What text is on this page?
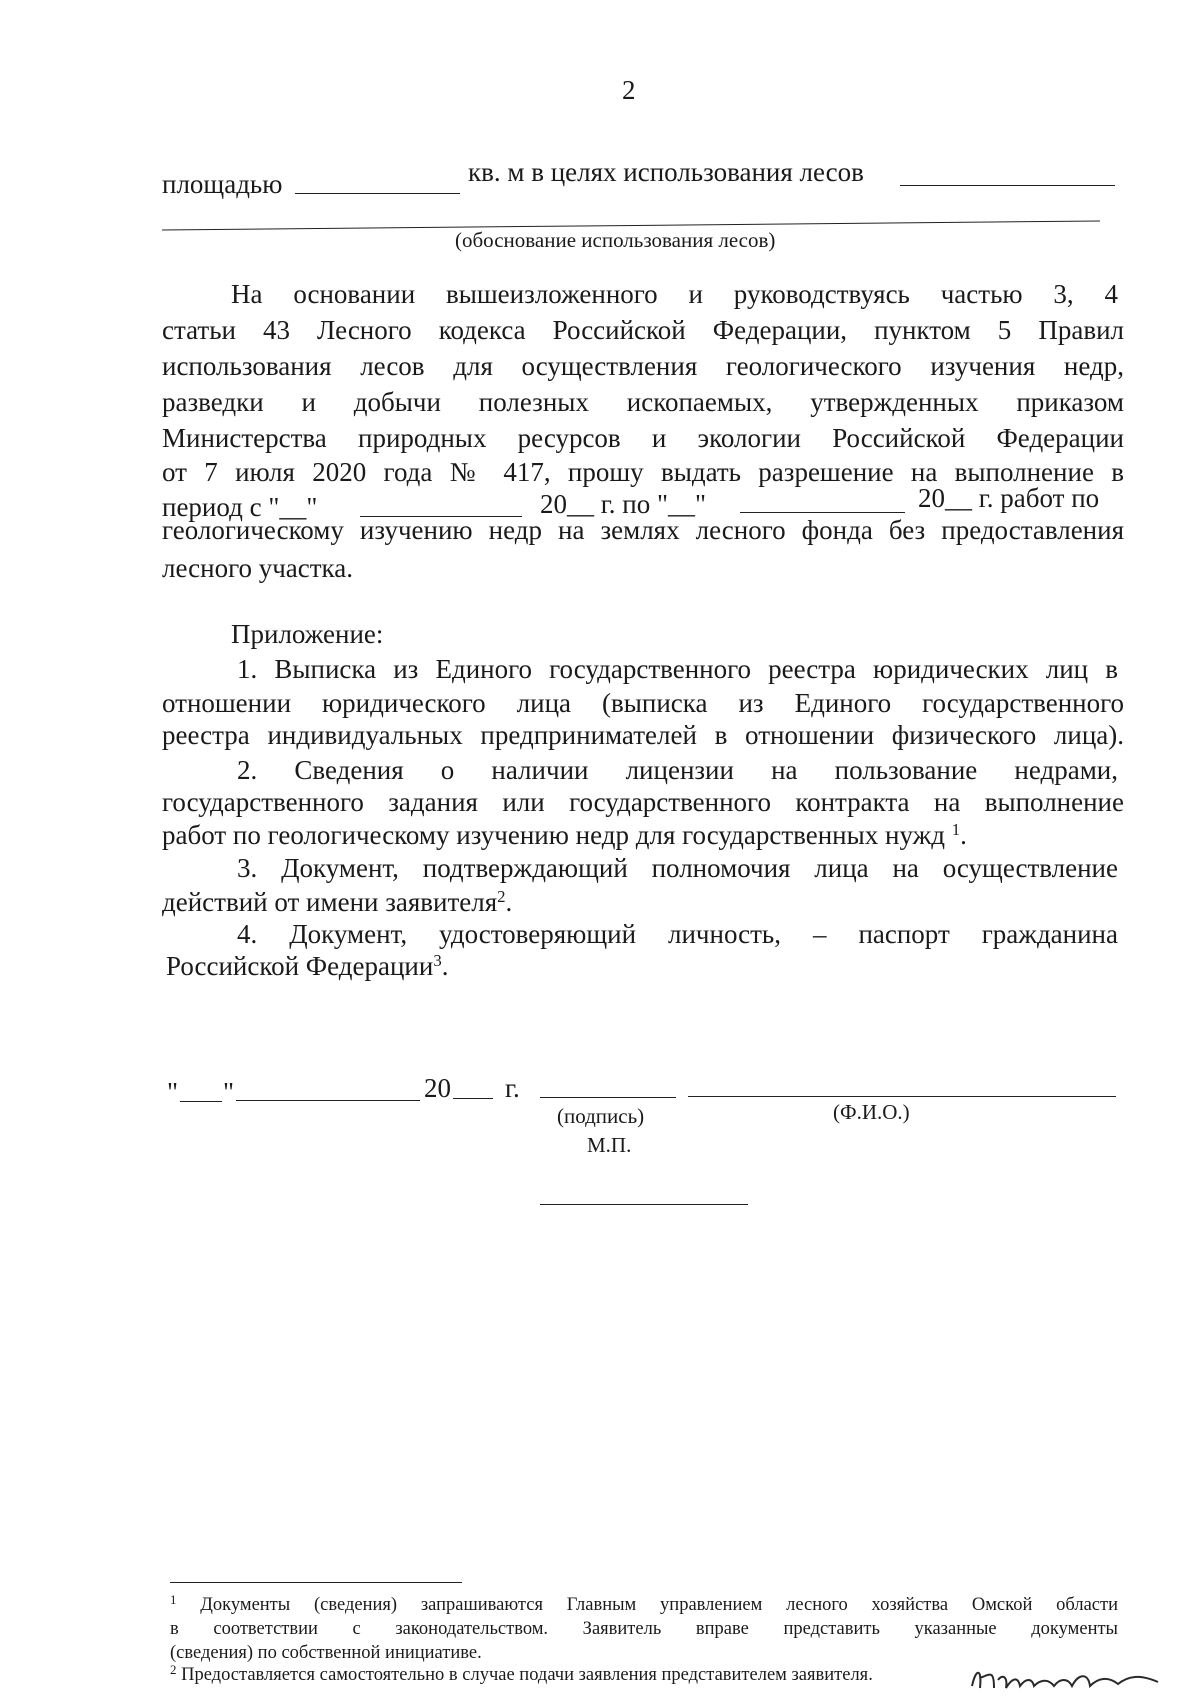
2
площадью	кв. м в целях использования лесов
(обоснование использования лесов)
На основании вышеизложенного и руководствуясь частью 3, 4
статьи 43 Лесного кодекса Российской Федерации, пунктом 5 Правил
использования лесов для осуществления геологического изучения недр,
разведки и добычи полезных ископаемых, утвержденных приказом
Министерства природных ресурсов и экологии Российской Федерации
от 7 июля 2020 года № 417, прошу выдать разрешение на выполнение в
период с "__"	20__ г. по "__"	20__ г. работ по
геологическому изучению недр на землях лесного фонда без предоставления
лесного участка.
Приложение:
1. Выписка из Единого государственного реестра юридических лиц в
отношении юридического лица (выписка из Единого государственного
реестра индивидуальных предпринимателей в отношении физического лица).
2. Сведения о наличии лицензии на пользование недрами,
государственного задания или государственного контракта на выполнение
работ по геологическому изучению недр для государственных нужд $^1$.
3. Документ, подтверждающий полномочия лица на осуществление
действий от имени заявителя$^2$.
4. Документ, удостоверяющий личность, – паспорт гражданина
Российской Федерации$^3$.
" "	20 г.
(подпись)	(Ф.И.О.)
М.П.
$^1$ Документы (сведения) запрашиваются Главным управлением лесного хозяйства Омской области
в соответствии с законодательством. Заявитель вправе представить указанные документы
(сведения) по собственной инициативе.
$^2$ Предоставляется самостоятельно в случае подачи заявления представителем заявителя.
